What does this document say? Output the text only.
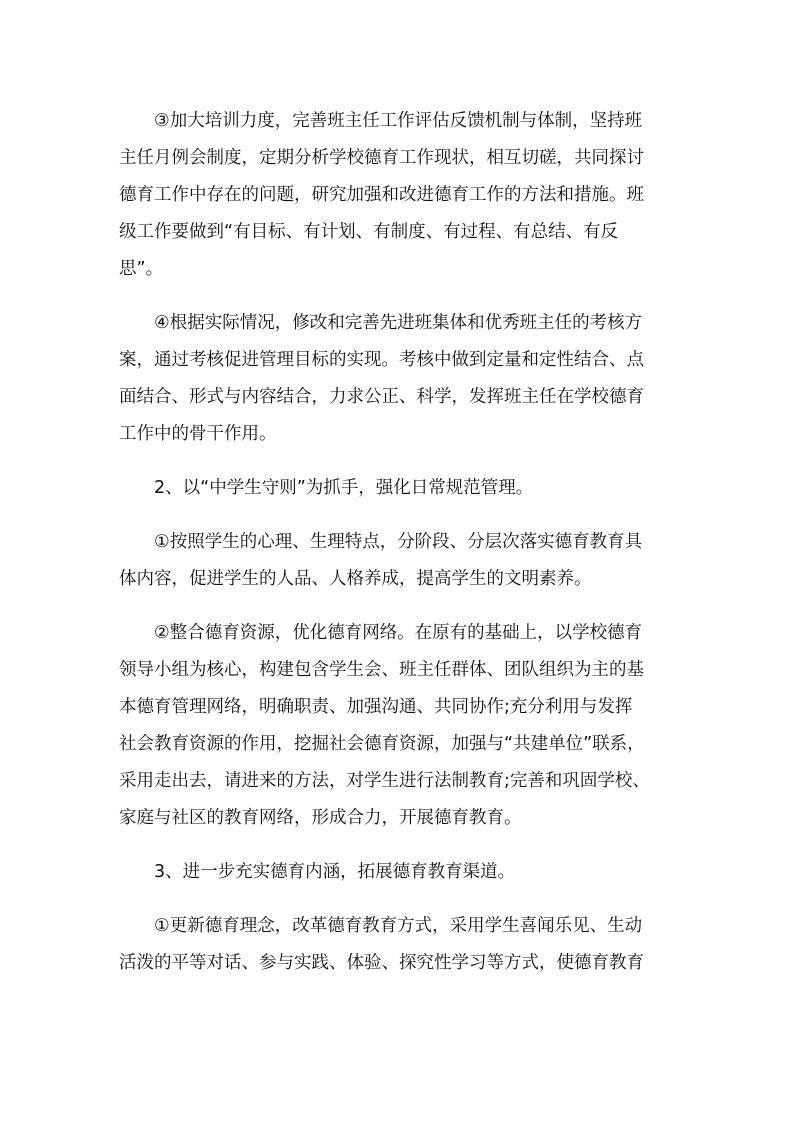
③加大培训力度，完善班主任工作评估反馈机制与体制，坚持班
主任月例会制度，定期分析学校德育工作现状，相互切磋，共同探讨
德育工作中存在的问题，研究加强和改进德育工作的方法和措施。班
级工作要做到“有目标、有计划、有制度、有过程、有总结、有反
思”。

④根据实际情况，修改和完善先进班集体和优秀班主任的考核方
案，通过考核促进管理目标的实现。考核中做到定量和定性结合、点
面结合、形式与内容结合，力求公正、科学，发挥班主任在学校德育
工作中的骨干作用。

2、以“中学生守则”为抓手，强化日常规范管理。

①按照学生的心理、生理特点，分阶段、分层次落实德育教育具
体内容，促进学生的人品、人格养成，提高学生的文明素养。

②整合德育资源，优化德育网络。在原有的基础上，以学校德育
领导小组为核心，构建包含学生会、班主任群体、团队组织为主的基
本德育管理网络，明确职责、加强沟通、共同协作;充分利用与发挥
社会教育资源的作用，挖掘社会德育资源，加强与“共建单位”联系，
采用走出去，请进来的方法，对学生进行法制教育;完善和巩固学校、
家庭与社区的教育网络，形成合力，开展德育教育。

3、进一步充实德育内涵，拓展德育教育渠道。

①更新德育理念，改革德育教育方式，采用学生喜闻乐见、生动
活泼的平等对话、参与实践、体验、探究性学习等方式，使德育教育
